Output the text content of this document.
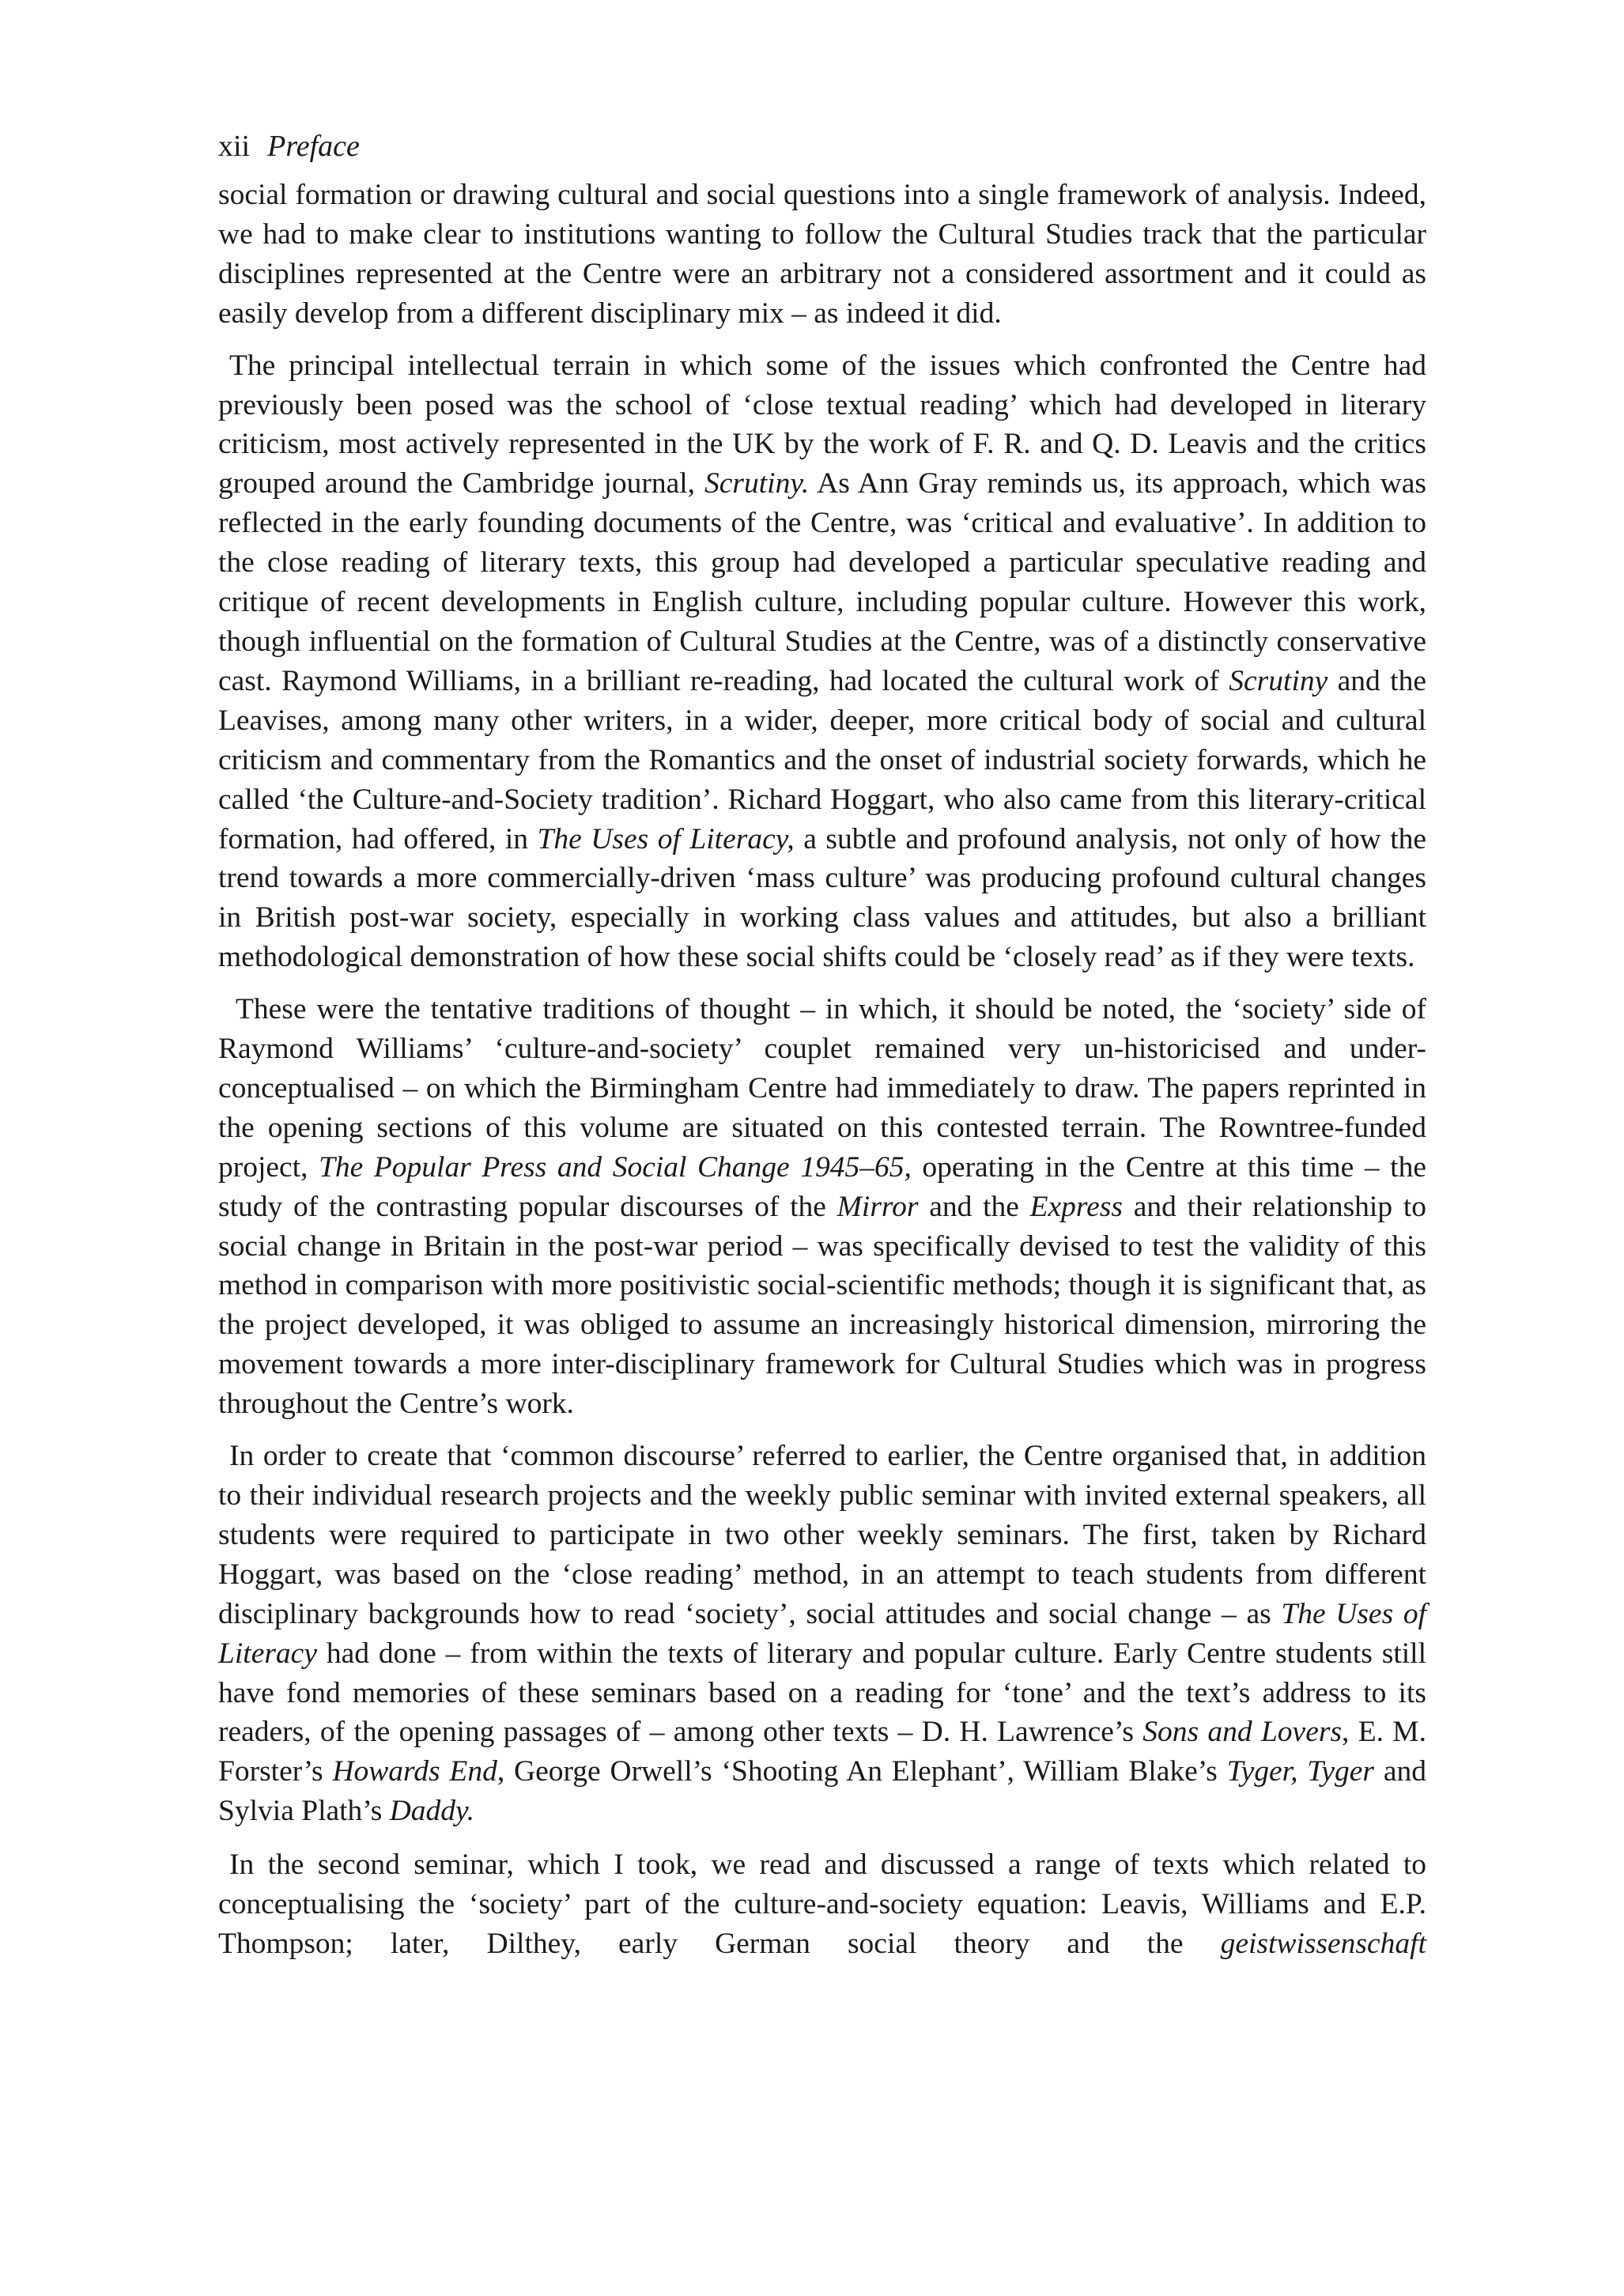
xii Preface

social formation or drawing cultural and social questions into a single framework of analysis. Indeed, we had to make clear to institutions wanting to follow the Cultural Studies track that the particular disciplines represented at the Centre were an arbitrary not a considered assortment and it could as easily develop from a different disciplinary mix – as indeed it did.

The principal intellectual terrain in which some of the issues which confronted the Centre had previously been posed was the school of ‘close textual reading’ which had developed in literary criticism, most actively represented in the UK by the work of F. R. and Q. D. Leavis and the critics grouped around the Cambridge journal, Scrutiny. As Ann Gray reminds us, its approach, which was reflected in the early founding documents of the Centre, was ‘critical and evaluative’. In addition to the close reading of literary texts, this group had developed a particular speculative reading and critique of recent developments in English culture, including popular culture. However this work, though influential on the formation of Cultural Studies at the Centre, was of a distinctly conservative cast. Raymond Williams, in a brilliant re-reading, had located the cultural work of Scrutiny and the Leavises, among many other writers, in a wider, deeper, more critical body of social and cultural criticism and commentary from the Romantics and the onset of industrial society forwards, which he called ‘the Culture-and-Society tradition’. Richard Hoggart, who also came from this literary-critical formation, had offered, in The Uses of Literacy, a subtle and profound analysis, not only of how the trend towards a more commercially-driven ‘mass culture’ was producing profound cultural changes in British post-war society, especially in working class values and attitudes, but also a brilliant methodological demonstration of how these social shifts could be ‘closely read’ as if they were texts.

These were the tentative traditions of thought – in which, it should be noted, the ‘society’ side of Raymond Williams’ ‘culture-and-society’ couplet remained very un-historicised and under-conceptualised – on which the Birmingham Centre had immediately to draw. The papers reprinted in the opening sections of this volume are situated on this contested terrain. The Rowntree-funded project, The Popular Press and Social Change 1945–65, operating in the Centre at this time – the study of the contrasting popular discourses of the Mirror and the Express and their relationship to social change in Britain in the post-war period – was specifically devised to test the validity of this method in comparison with more positivistic social-scientific methods; though it is significant that, as the project developed, it was obliged to assume an increasingly historical dimension, mirroring the movement towards a more inter-disciplinary framework for Cultural Studies which was in progress throughout the Centre’s work.

In order to create that ‘common discourse’ referred to earlier, the Centre organised that, in addition to their individual research projects and the weekly public seminar with invited external speakers, all students were required to participate in two other weekly seminars. The first, taken by Richard Hoggart, was based on the ‘close reading’ method, in an attempt to teach students from different disciplinary backgrounds how to read ‘society’, social attitudes and social change – as The Uses of Literacy had done – from within the texts of literary and popular culture. Early Centre students still have fond memories of these seminars based on a reading for ‘tone’ and the text’s address to its readers, of the opening passages of – among other texts – D. H. Lawrence’s Sons and Lovers, E. M. Forster’s Howards End, George Orwell’s ‘Shooting An Elephant’, William Blake’s Tyger, Tyger and Sylvia Plath’s Daddy.

In the second seminar, which I took, we read and discussed a range of texts which related to conceptualising the ‘society’ part of the culture-and-society equation: Leavis, Williams and E.P. Thompson; later, Dilthey, early German social theory and the geistwissenschaft
